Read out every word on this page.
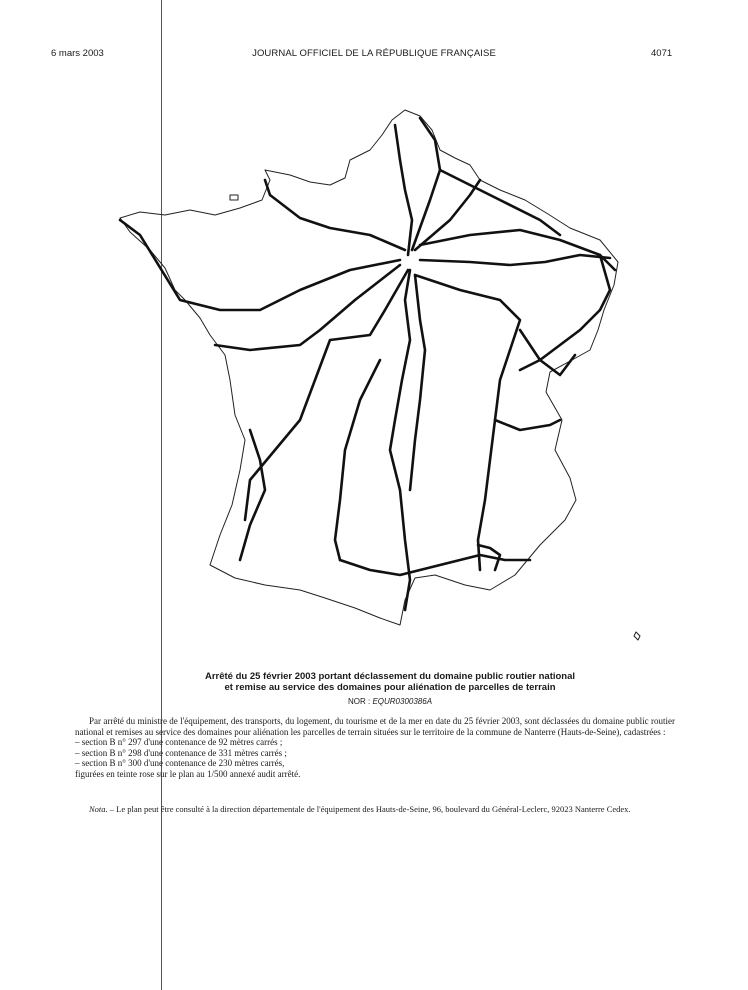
6 mars 2003	JOURNAL OFFICIEL DE LA RÉPUBLIQUE FRANÇAISE	4071
Arrêté du 25 février 2003 portant déclassement du domaine public routier national
et remise au service des domaines pour aliénation de parcelles de terrain
NOR : EQUR0300386A

Par arrêté du ministre de l'équipement, des transports, du logement, du tourisme et de la mer en date du 25 février 2003, sont déclassées du domaine public routier national et remises au service des domaines pour aliénation les parcelles de terrain situées sur le territoire de la commune de Nanterre (Hauts-de-Seine), cadastrées :

– section B n° 297 d'une contenance de 92 mètres carrés ;

– section B n° 298 d'une contenance de 331 mètres carrés ;

– section B n° 300 d'une contenance de 230 mètres carrés,

figurées en teinte rose sur le plan au 1/500 annexé audit arrêté.

Nota. – Le plan peut être consulté à la direction départementale de l'équipement des Hauts-de-Seine, 96, boulevard du Général-Leclerc, 92023 Nanterre Cedex.
